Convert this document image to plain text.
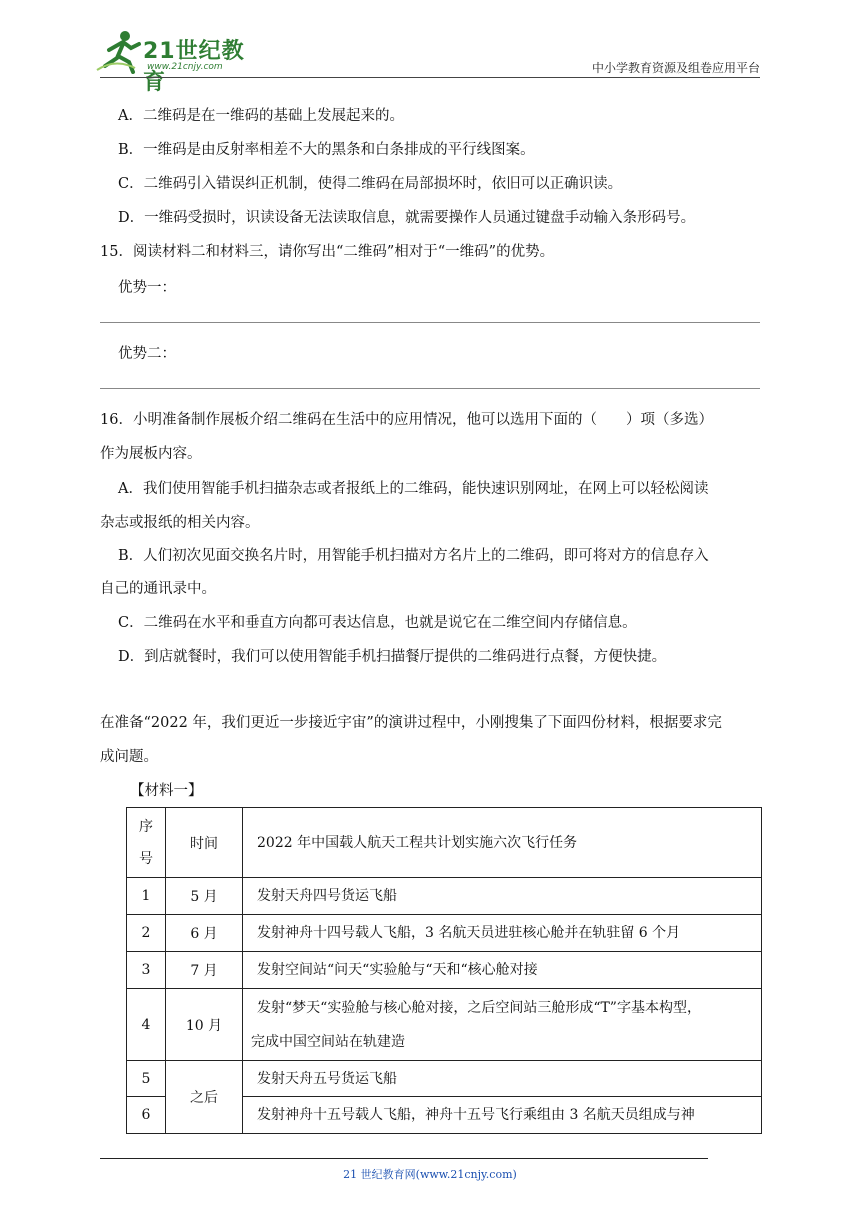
21世纪教育
www.21cnjy.com	中小学教育资源及组卷应用平台
A．二维码是在一维码的基础上发展起来的。
B．一维码是由反射率相差不大的黑条和白条排成的平行线图案。
C．二维码引入错误纠正机制，使得二维码在局部损坏时，依旧可以正确识读。
D．一维码受损时，识读设备无法读取信息，就需要操作人员通过键盘手动输入条形码号。
15．阅读材料二和材料三，请你写出“二维码”相对于“一维码”的优势。
优势一：
优势二：
16．小明准备制作展板介绍二维码在生活中的应用情况，他可以选用下面的（　　）项（多选）
作为展板内容。
A．我们使用智能手机扫描杂志或者报纸上的二维码，能快速识别网址，在网上可以轻松阅读
杂志或报纸的相关内容。
B．人们初次见面交换名片时，用智能手机扫描对方名片上的二维码，即可将对方的信息存入
自己的通讯录中。
C．二维码在水平和垂直方向都可表达信息，也就是说它在二维空间内存储信息。
D．到店就餐时，我们可以使用智能手机扫描餐厅提供的二维码进行点餐，方便快捷。
在准备“2022 年，我们更近一步接近宇宙”的演讲过程中，小刚搜集了下面四份材料，根据要求完
成问题。
【材料一】
序
号	时间	2022 年中国载人航天工程共计划实施六次飞行任务
1	5 月	发射天舟四号货运飞船
2	6 月	发射神舟十四号载人飞船，3 名航天员进驻核心舱并在轨驻留 6 个月
3	7 月	发射空间站“问天“实验舱与“天和“核心舱对接
4	10 月	发射“梦天“实验舱与核心舱对接，之后空间站三舱形成“T”字基本构型，
完成中国空间站在轨建造
5	之后	发射天舟五号货运飞船
6		发射神舟十五号载人飞船，神舟十五号飞行乘组由 3 名航天员组成与神
21 世纪教育网(www.21cnjy.com)
